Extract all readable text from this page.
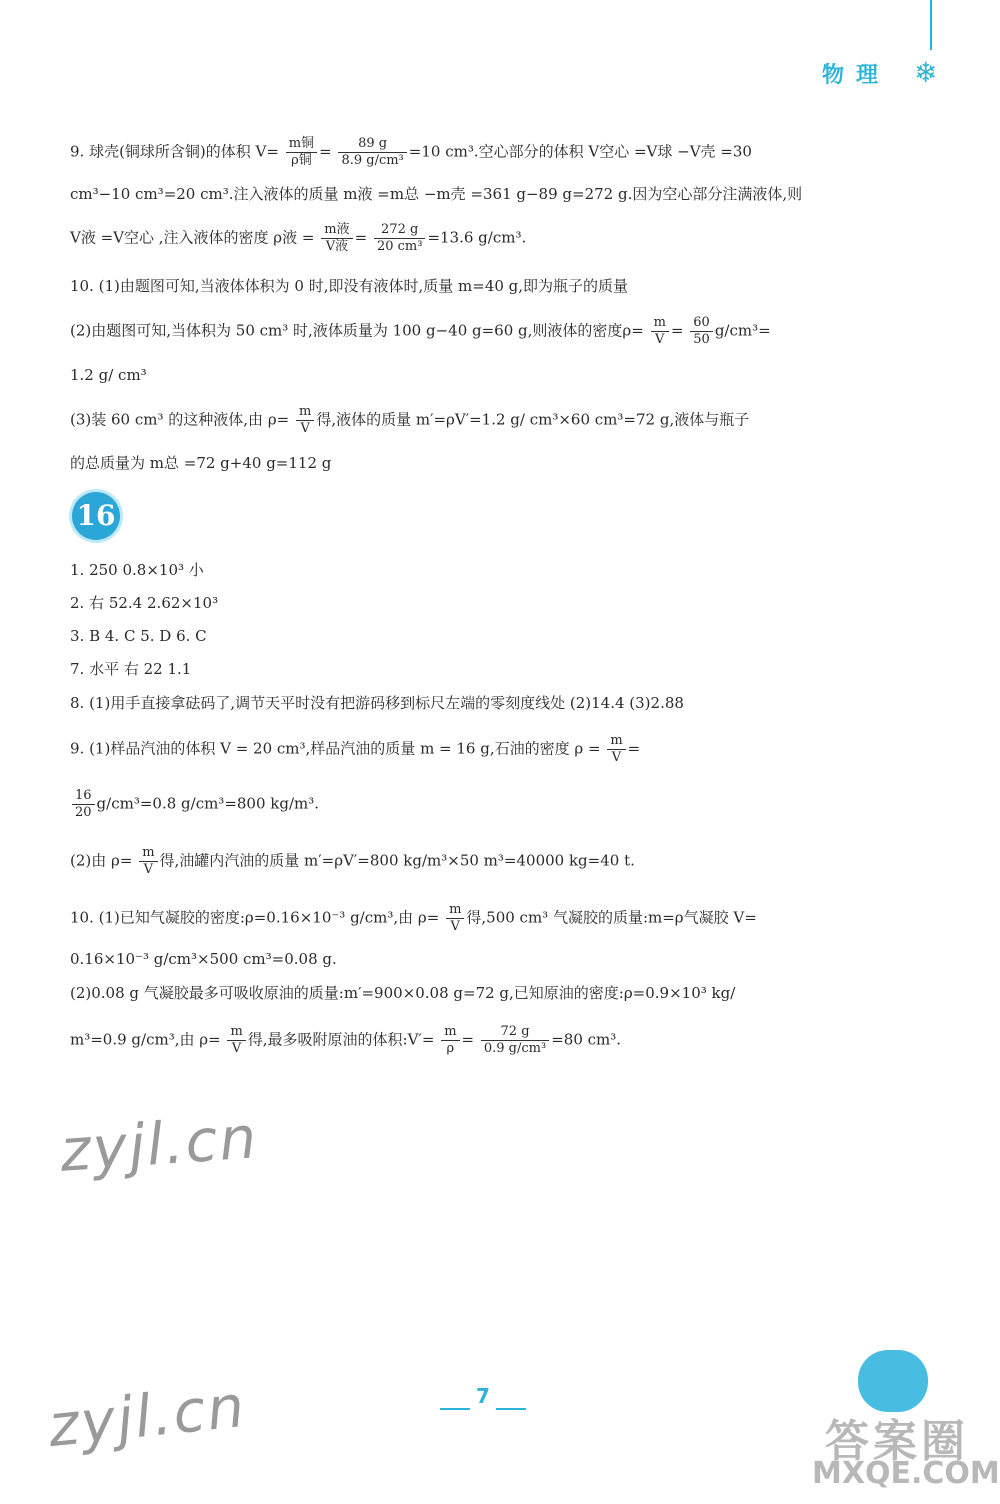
物理 ❄
9. 球壳(铜球所含铜)的体积 $V= \frac{\text{m铜}}{\text{ρ铜}} = \frac{89 g}{\text{8.9 g/cm³}} =10$ cm³.空心部分的体积 V空心 =V球 −V壳 =30
cm³−10 cm³=20 cm³.注入液体的质量 m液 =m总 −m壳 =361 g−89 g=272 g.因为空心部分注满液体,则
V液 =V空心 ,注入液体的密度 ρ液 = $\frac{\text{m液}}{\text{V液}} = \frac{272 g}{\text{20 cm³}} =13.6$ g/cm³.
10. (1)由题图可知,当液体体积为 0 时,即没有液体时,质量 m=40 g,即为瓶子的质量
(2)由题图可知,当体积为 50 cm³ 时,液体质量为 100 g−40 g=60 g,则液体的密度$\rho= \frac{m}{V} = \frac{60}{50} g/cm^3=$
1.2 g/ cm³
(3)装 60 cm³ 的这种液体,由 $\rho= \frac{m}{V}$ 得,液体的质量 m′=ρV′=1.2 g/ cm³×60 cm³=72 g,液体与瓶子
的总质量为 m总 =72 g+40 g=112 g
16
1. 250 0.8×10³ 小
2. 右 52.4 2.62×10³
3. B 4. C 5. D 6. C
7. 水平 右 22 1.1
8. (1)用手直接拿砝码了,调节天平时没有把游码移到标尺左端的零刻度线处 (2)14.4 (3)2.88
9. (1)样品汽油的体积 V = 20 cm³,样品汽油的质量 m = 16 g,石油的密度 $\rho = \frac{m}{V}$ =
$\frac{16}{20} g/cm^3=0.8$ g/cm³=800 kg/m³.
(2)由 $\rho= \frac{m}{V}$ 得,油罐内汽油的质量 m′=ρV′=800 kg/m³×50 m³=40000 kg=40 t.
10. (1)已知气凝胶的密度:ρ=0.16×10⁻³ g/cm³,由 $\rho= \frac{m}{V}$ 得,500 cm³ 气凝胶的质量:m=ρ气凝胶 V=
0.16×10⁻³ g/cm³×500 cm³=0.08 g.
(2)0.08 g 气凝胶最多可吸收原油的质量:m′=900×0.08 g=72 g,已知原油的密度:ρ=0.9×10³ kg/
m³=0.9 g/cm³,由 $\rho= \frac{m}{V}$ 得,最多吸附原油的体积:V′= $\frac{m}{\rho} = \frac{72 g}{\text{0.9 g/cm³}} =80$ cm³.
zyjl.cn
zyjl.cn	7
答案圈
MXQE.COM
